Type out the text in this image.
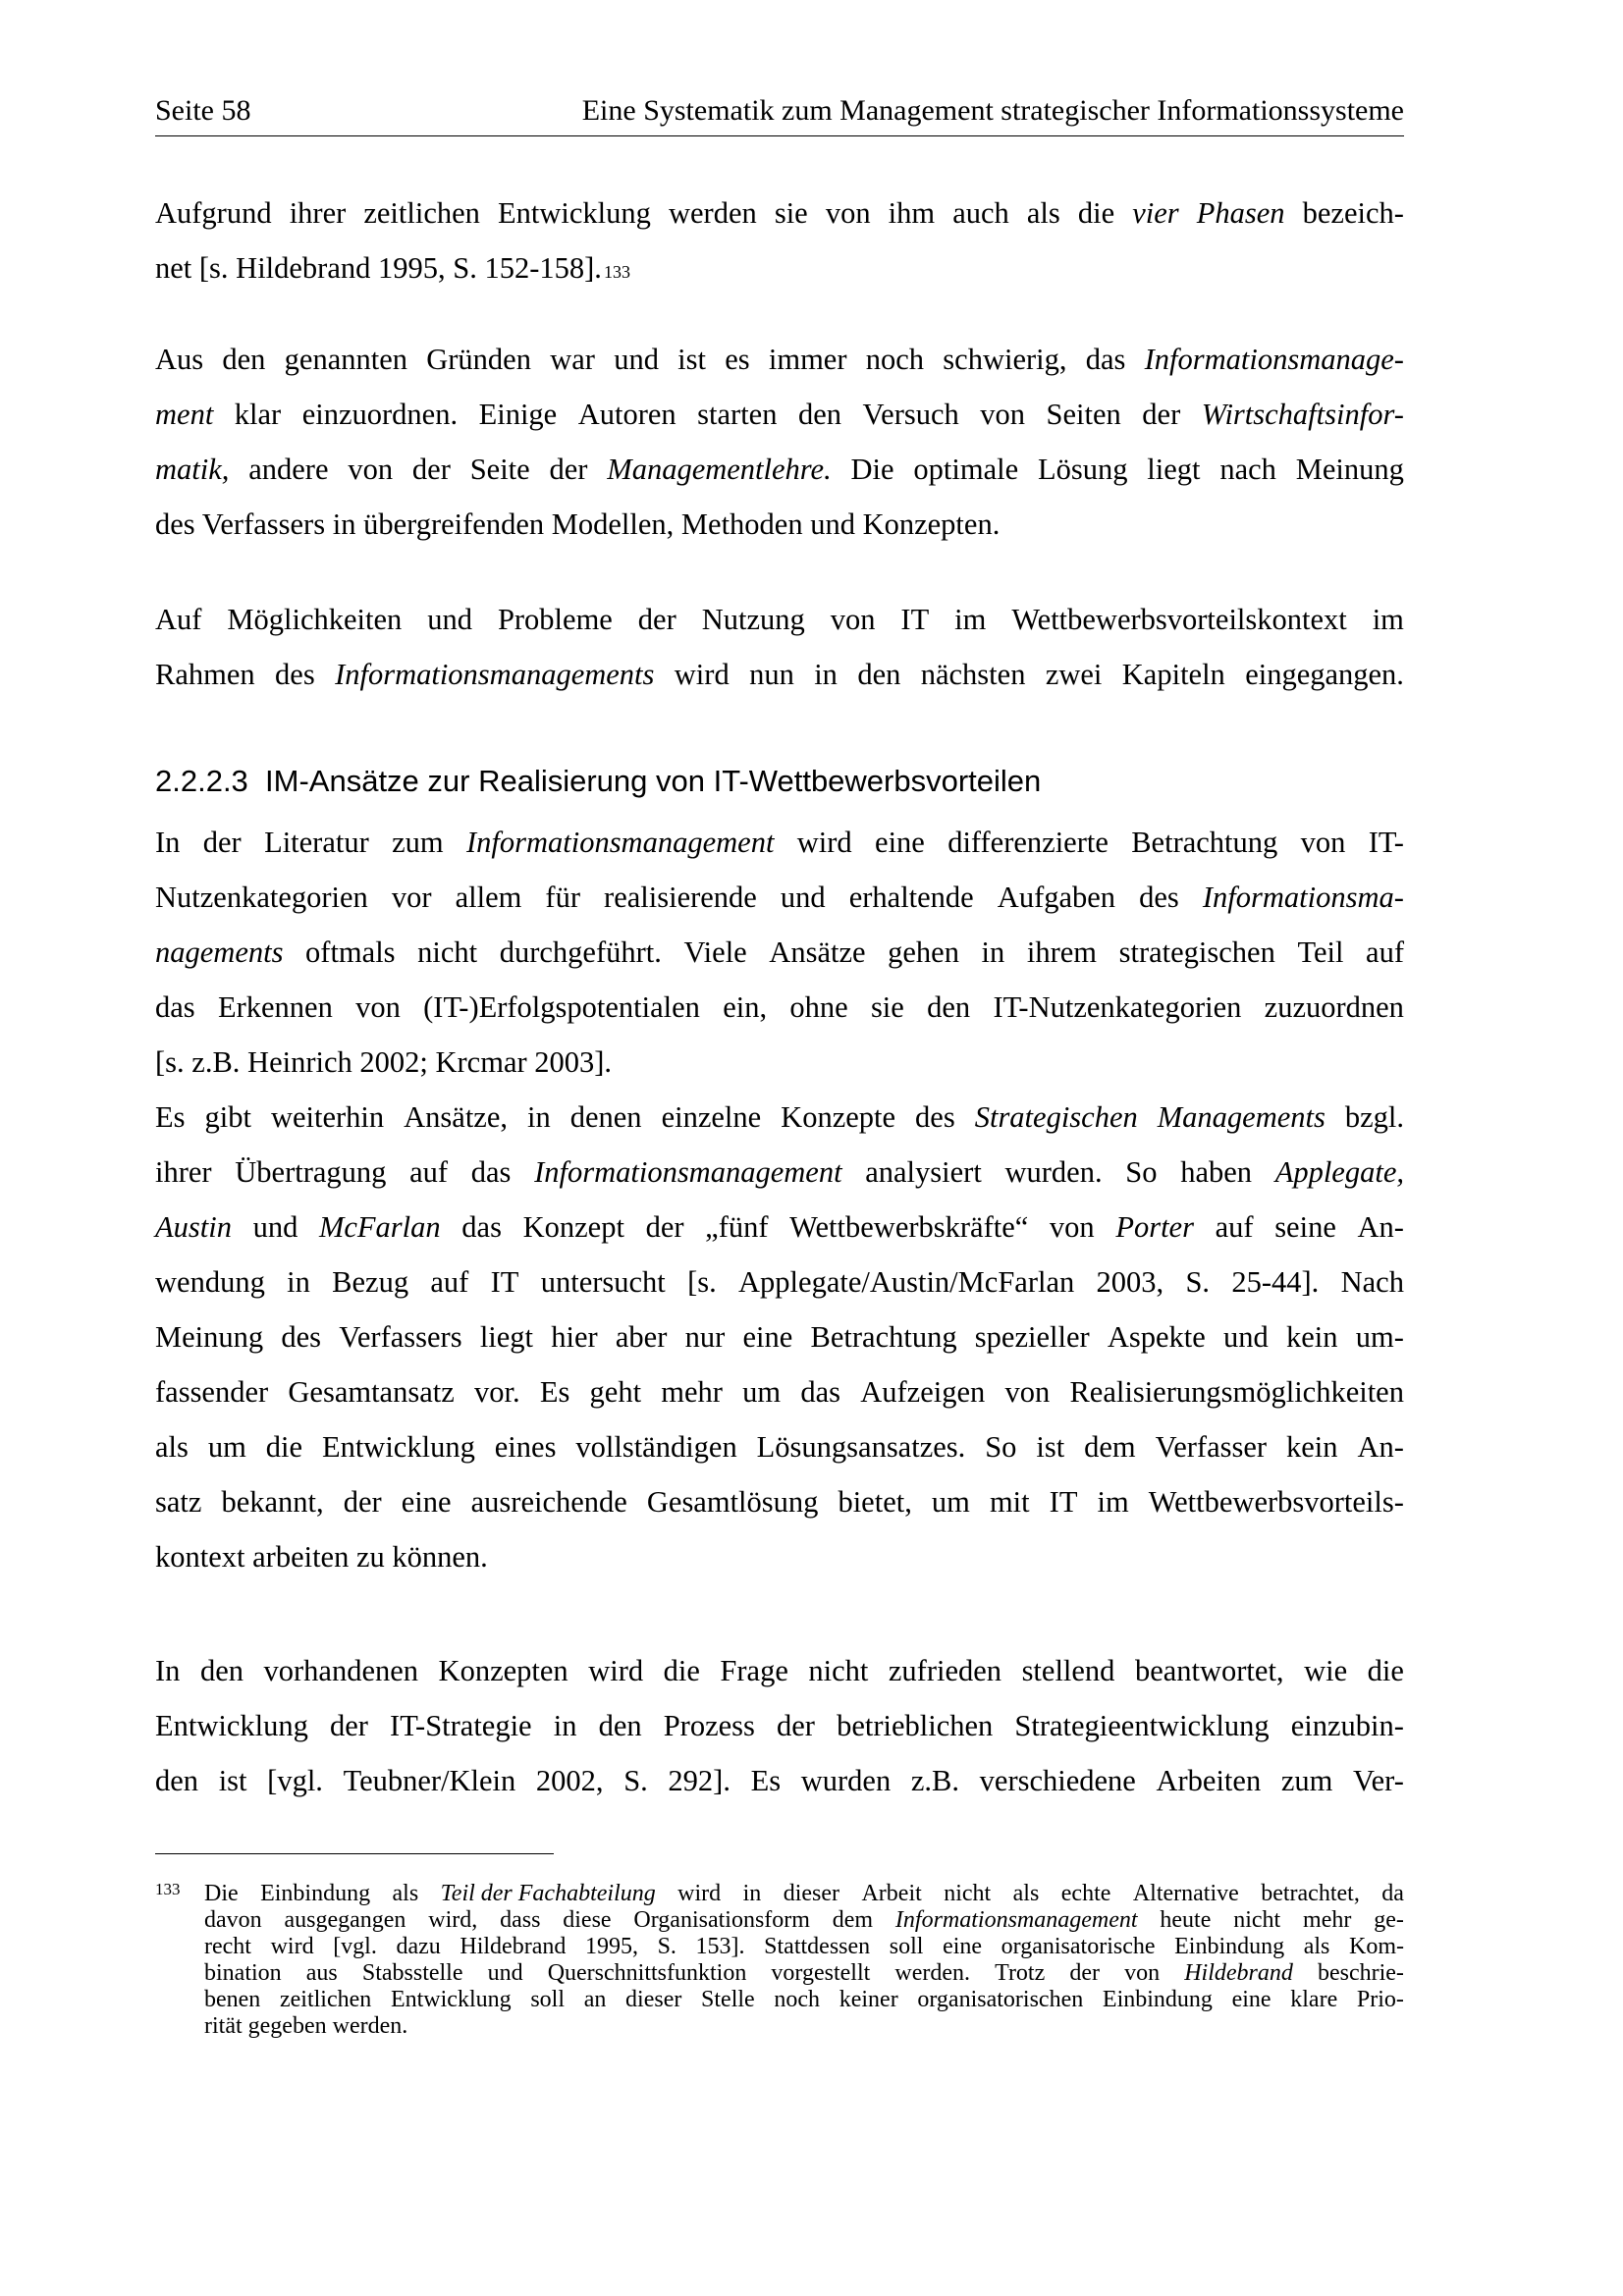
Seite 58	Eine Systematik zum Management strategischer Informationssysteme
Aufgrund ihrer zeitlichen Entwicklung werden sie von ihm auch als die vier Phasen bezeich-
net [s. Hildebrand 1995, S. 152-158]. 133
Aus den genannten Gründen war und ist es immer noch schwierig, das Informationsmanage-
ment klar einzuordnen. Einige Autoren starten den Versuch von Seiten der Wirtschaftsinfor-
matik, andere von der Seite der Managementlehre. Die optimale Lösung liegt nach Meinung
des Verfassers in übergreifenden Modellen, Methoden und Konzepten.
Auf Möglichkeiten und Probleme der Nutzung von IT im Wettbewerbsvorteilskontext im
Rahmen des Informationsmanagements wird nun in den nächsten zwei Kapiteln eingegangen.
2.2.2.3  IM-Ansätze zur Realisierung von IT-Wettbewerbsvorteilen
In der Literatur zum Informationsmanagement wird eine differenzierte Betrachtung von IT-
Nutzenkategorien vor allem für realisierende und erhaltende Aufgaben des Informationsma-
nagements oftmals nicht durchgeführt. Viele Ansätze gehen in ihrem strategischen Teil auf
das Erkennen von (IT-)Erfolgspotentialen ein, ohne sie den IT-Nutzenkategorien zuzuordnen
[s. z.B. Heinrich 2002; Krcmar 2003].
Es gibt weiterhin Ansätze, in denen einzelne Konzepte des Strategischen Managements bzgl.
ihrer Übertragung auf das Informationsmanagement analysiert wurden. So haben Applegate,
Austin und McFarlan das Konzept der „fünf Wettbewerbskräfte“ von Porter auf seine An-
wendung in Bezug auf IT untersucht [s. Applegate/Austin/McFarlan 2003, S. 25-44]. Nach
Meinung des Verfassers liegt hier aber nur eine Betrachtung spezieller Aspekte und kein um-
fassender Gesamtansatz vor. Es geht mehr um das Aufzeigen von Realisierungsmöglichkeiten
als um die Entwicklung eines vollständigen Lösungsansatzes. So ist dem Verfasser kein An-
satz bekannt, der eine ausreichende Gesamtlösung bietet, um mit IT im Wettbewerbsvorteils-
kontext arbeiten zu können.
In den vorhandenen Konzepten wird die Frage nicht zufrieden stellend beantwortet, wie die
Entwicklung der IT-Strategie in den Prozess der betrieblichen Strategieentwicklung einzubin-
den ist [vgl. Teubner/Klein 2002, S. 292]. Es wurden z.B. verschiedene Arbeiten zum Ver-
133 Die Einbindung als Teil der Fachabteilung wird in dieser Arbeit nicht als echte Alternative betrachtet, da
davon ausgegangen wird, dass diese Organisationsform dem Informationsmanagement heute nicht mehr ge-
recht wird [vgl. dazu Hildebrand 1995, S. 153]. Stattdessen soll eine organisatorische Einbindung als Kom-
bination aus Stabsstelle und Querschnittsfunktion vorgestellt werden. Trotz der von Hildebrand beschrie-
benen zeitlichen Entwicklung soll an dieser Stelle noch keiner organisatorischen Einbindung eine klare Prio-
rität gegeben werden.
